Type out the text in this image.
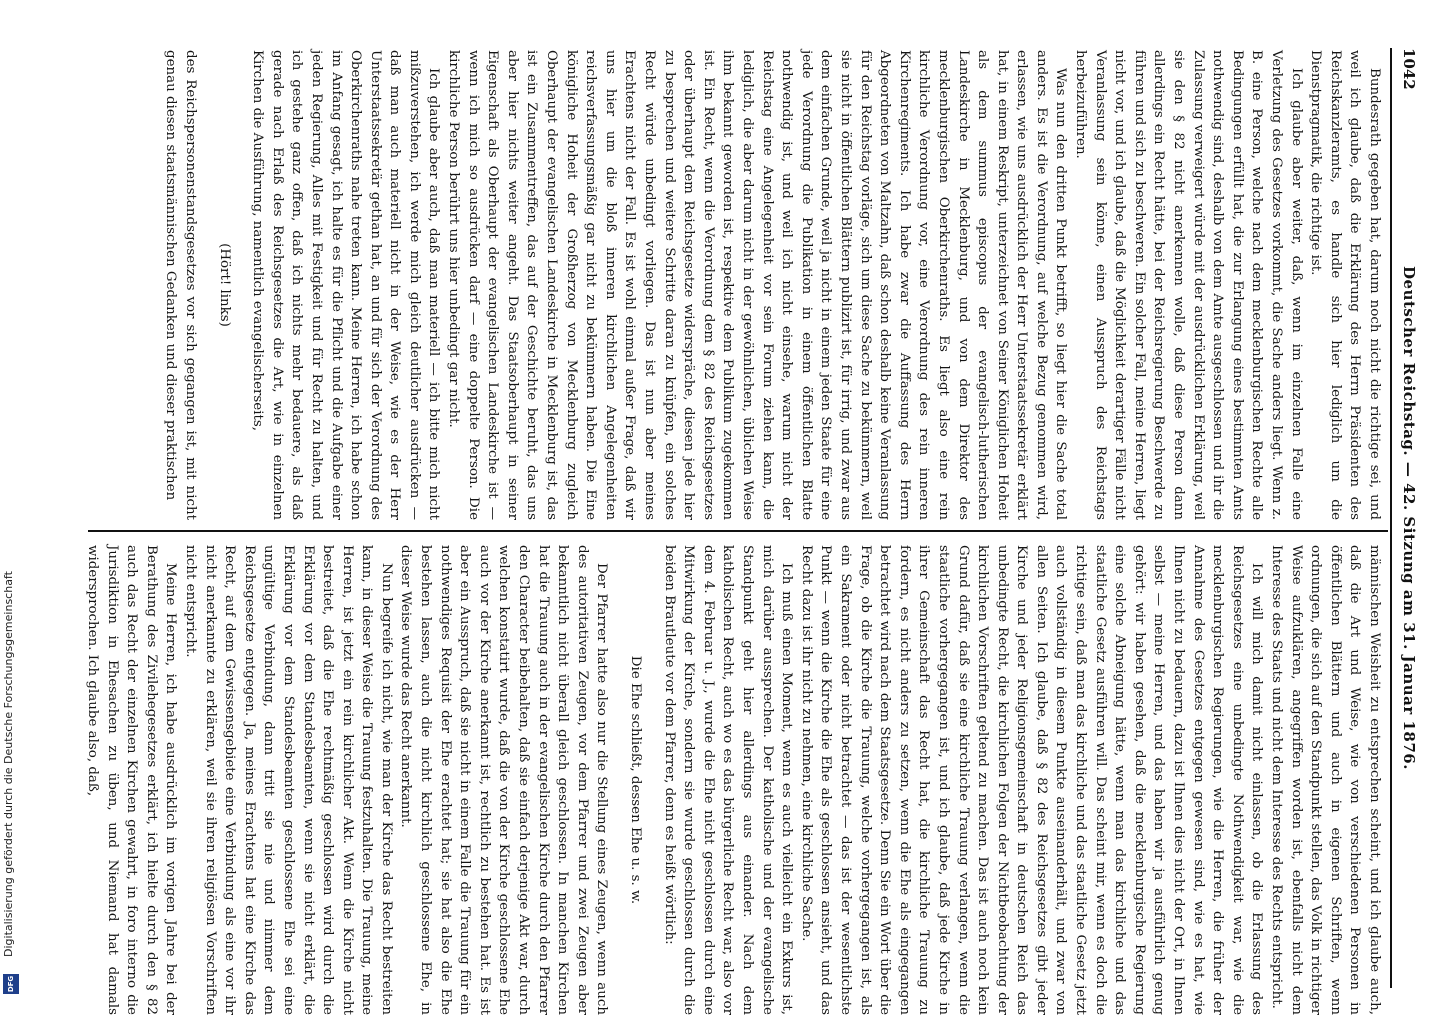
1042
Deutscher Reichstag. — 42. Sitzung am 31. Januar 1876.

Bundesrath gegeben hat, darum noch nicht die richtige sei, und weil ich glaube, daß die Erklärung des Herrn Präsidenten des Reichskanzleramts, es handle sich hier lediglich um die Dienstpragmatik, die richtige ist.

Ich glaube aber weiter, daß, wenn im einzelnen Falle eine Verletzung des Gesetzes vorkommt, die Sache anders liegt. Wenn z. B. eine Person, welche nach dem mecklenburgischen Rechte alle Bedingungen erfüllt hat, die zur Erlangung eines bestimmten Amts nothwendig sind, deshalb von dem Amte ausgeschlossen und ihr die Zulassung verweigert würde mit der ausdrücklichen Erklärung, weil sie den § 82 nicht anerkennen wolle, daß diese Person dann allerdings ein Recht hätte, bei der Reichsregierung Beschwerde zu führen und sich zu beschweren. Ein solcher Fall, meine Herren, liegt nicht vor, und ich glaube, daß die Möglichkeit derartiger Fälle nicht Veranlassung sein könne, einen Ausspruch des Reichstags herbeizuführen.

Was nun den dritten Punkt betrifft, so liegt hier die Sache total anders. Es ist die Verordnung, auf welche Bezug genommen wird, erlassen, wie uns ausdrücklich der Herr Unterstaatssekretär erklärt hat, in einem Reskript, unterzeichnet von Seiner Königlichen Hoheit als dem summus episcopus der evangelisch-lutherischen Landeskirche in Mecklenburg, und von dem Direktor des mecklenburgischen Oberkirchenraths. Es liegt also eine rein kirchliche Verordnung vor, eine Verordnung des rein inneren Kirchenregiments. Ich habe zwar die Auffassung des Herrn Abgeordneten von Maltzahn, daß schon deshalb keine Veranlassung für den Reichstag vorläge, sich um diese Sache zu bekümmern, weil sie nicht in öffentlichen Blättern publizirt ist, für irrig, und zwar aus dem einfachen Grunde, weil ja nicht in einem jeden Staate für eine jede Verordnung die Publikation in einem öffentlichen Blatte nothwendig ist, und weil ich nicht einsehe, warum nicht der Reichstag eine Angelegenheit vor sein Forum ziehen kann, die lediglich, die aber darum nicht in der gewöhnlichen, üblichen Weise ihm bekannt geworden ist, respektive dem Publikum zugekommen ist. Ein Recht, wenn die Verordnung dem § 82 des Reichsgesetzes oder überhaupt dem Reichsgesetze widerspräche, diesen jede hier zu besprechen und weitere Schritte daran zu knüpfen, ein solches Recht würde unbedingt vorliegen. Das ist nun aber meines Erachtens nicht der Fall. Es ist wohl einmal außer Frage, daß wir uns hier um die bloß inneren kirchlichen Angelegenheiten reichsverfassungsmäßig gar nicht zu bekümmern haben. Die Eine königliche Hoheit der Großherzog von Mecklenburg zugleich Oberhaupt der evangelischen Landeskirche in Mecklenburg ist, das ist ein Zusammentreffen, das auf der Geschichte beruht, das uns aber hier nichts weiter angeht. Das Staatsoberhaupt in seiner Eigenschaft als Oberhaupt der evangelischen Landeskirche ist — wenn ich mich so ausdrücken darf — eine doppelte Person. Die kirchliche Person berührt uns hier unbedingt gar nicht.

Ich glaube aber auch, daß man materiell — ich bitte mich nicht mißzuverstehen, ich werde mich gleich deutlicher ausdrücken — daß man auch materiell nicht in der Weise, wie es der Herr Unterstaatssekretär gethan hat, an und für sich der Verordnung des Oberkirchenraths nahe treten kann. Meine Herren, ich habe schon im Anfang gesagt, ich halte es für die Pflicht und die Aufgabe einer jeden Regierung, Alles mit Festigkeit und für Recht zu halten, und ich gestehe ganz offen, daß ich nichts mehr bedauere, als daß gerade nach Erlaß des Reichsgesetzes die Art, wie in einzelnen Kirchen die Ausführung, namentlich evangelischerseits,

(Hört! links)

des Reichspersonenstandsgesetzes vor sich gegangen ist, mit nicht genau diesen staatsmännischen Gedanken und dieser praktischen

männischen Weisheit zu entsprechen scheint, und ich glaube auch, daß die Art und Weise, wie von verschiedenen Personen in öffentlichen Blättern und auch in eigenen Schriften, wenn ordnungen, die sich auf den Standpunkt stellen, das Volk in richtiger Weise aufzuklären, angegriffen worden ist, ebenfalls nicht dem Interesse des Staats und nicht dem Interesse des Rechts entspricht.

Ich will mich damit nicht einlassen, ob die Erlassung des Reichsgesetzes eine unbedingte Nothwendigkeit war, wie die mecklenburgischen Regierungen, wie die Herren, die früher der Annahme des Gesetzes entgegen gewesen sind, wie es hat, wie Ihnen nicht zu bedauern, dazu ist Ihnen dies nicht der Ort, in Ihnen selbst — meine Herren, und das haben wir ja ausführlich genug gehört: wir haben gesehen, daß die mecklenburgische Regierung eine solche Abneigung hätte, wenn man das kirchliche und das staatliche Gesetz ausführen will. Das scheint mir, wenn es doch die richtige sein, daß man das kirchliche und das staatliche Gesetz jetzt auch vollständig in diesem Punkte auseinanderhält, und zwar von allen Seiten. Ich glaube, daß § 82 des Reichsgesetzes gibt jeder Kirche und jeder Religionsgemeinschaft in deutschen Reich das unbedingte Recht, die kirchlichen Folgen der Nichtbeobachtung der kirchlichen Vorschriften geltend zu machen. Das ist auch noch kein Grund dafür, daß sie eine kirchliche Trauung verlangen, wenn die staatliche vorhergegangen ist, und ich glaube, daß jede Kirche in ihrer Gemeinschaft das Recht hat, die kirchliche Trauung zu fordern, es nicht anders zu setzen, wenn die Ehe als eingegangen betrachtet wird nach dem Staatsgesetze. Denn Sie ein Wort über die Frage, ob die Kirche die Trauung, welche vorhergegangen ist, als ein Sakrament oder nicht betrachtet — das ist der wesentlichste Punkt — wenn die Kirche die Ehe als geschlossen ansieht, und das Recht dazu ist ihr nicht zu nehmen, eine kirchliche Sache.

Ich muß einen Moment, wenn es auch vielleicht ein Exkurs ist, mich darüber aussprechen. Der katholische und der evangelische Standpunkt geht hier allerdings aus einander. Nach dem katholischen Recht, auch wo es das bürgerliche Recht war, also vor dem 4. Februar u. J., wurde die Ehe nicht geschlossen durch eine Mitwirkung der Kirche, sondern sie wurde geschlossen durch die beiden Brautleute vor dem Pfarrer, denn es heißt wörtlich:

Die Ehe schließt, dessen Ehe u. s. w.

Der Pfarrer hatte also nur die Stellung eines Zeugen, wenn auch des autoritativen Zeugen, vor dem Pfarrer und zwei Zeugen aber bekanntlich nicht überall gleich geschlossen. In manchen Kirchen hat die Trauung auch in der evangelischen Kirche durch den Pfarrer den Character beibehalten, daß sie einfach derjenige Akt war, durch welchen konstatirt wurde, daß die von der Kirche geschlossene Ehe auch vor der Kirche anerkannt ist, rechtlich zu bestehen hat. Es ist aber ein Ausspruch, daß sie nicht in einem Falle die Trauung für ein nothwendiges Requisit der Ehe erachtet hat; sie hat also die Ehe bestehen lassen, auch die nicht kirchlich geschlossene Ehe, in dieser Weise wurde das Recht anerkannt.

Nun begreife ich nicht, wie man der Kirche das Recht bestreiten kann, in dieser Weise die Trauung festzuhalten. Die Trauung, meine Herren, ist jetzt ein rein kirchlicher Akt. Wenn die Kirche nicht bestreitet, daß die Ehe rechtmäßig geschlossen wird durch die Erklärung vor dem Standesbeamten, wenn sie nicht erklärt, die Erklärung vor dem Standesbeamten geschlossene Ehe sei eine ungültige Verbindung, dann tritt sie nie und nimmer dem Reichsgesetze entgegen. Ja, meines Erachtens hat eine Kirche das Recht, auf dem Gewissensgebiete eine Verbindung als eine vor ihr nicht anerkannte zu erklären, weil sie ihren religiösen Vorschriften nicht entspricht.

Meine Herren, ich habe ausdrücklich im vorigen Jahre bei der Berathung des Zivilehegesetzes erklärt, ich hielte durch den § 82 auch das Recht der einzelnen Kirchen gewahrt, in foro interno die Jurisdiktion in Ehesachen zu üben, und Niemand hat damals widersprochen. Ich glaube also, daß,

Digitalisierung gefördert durch die Deutsche Forschungsgemeinschaft
DFG
